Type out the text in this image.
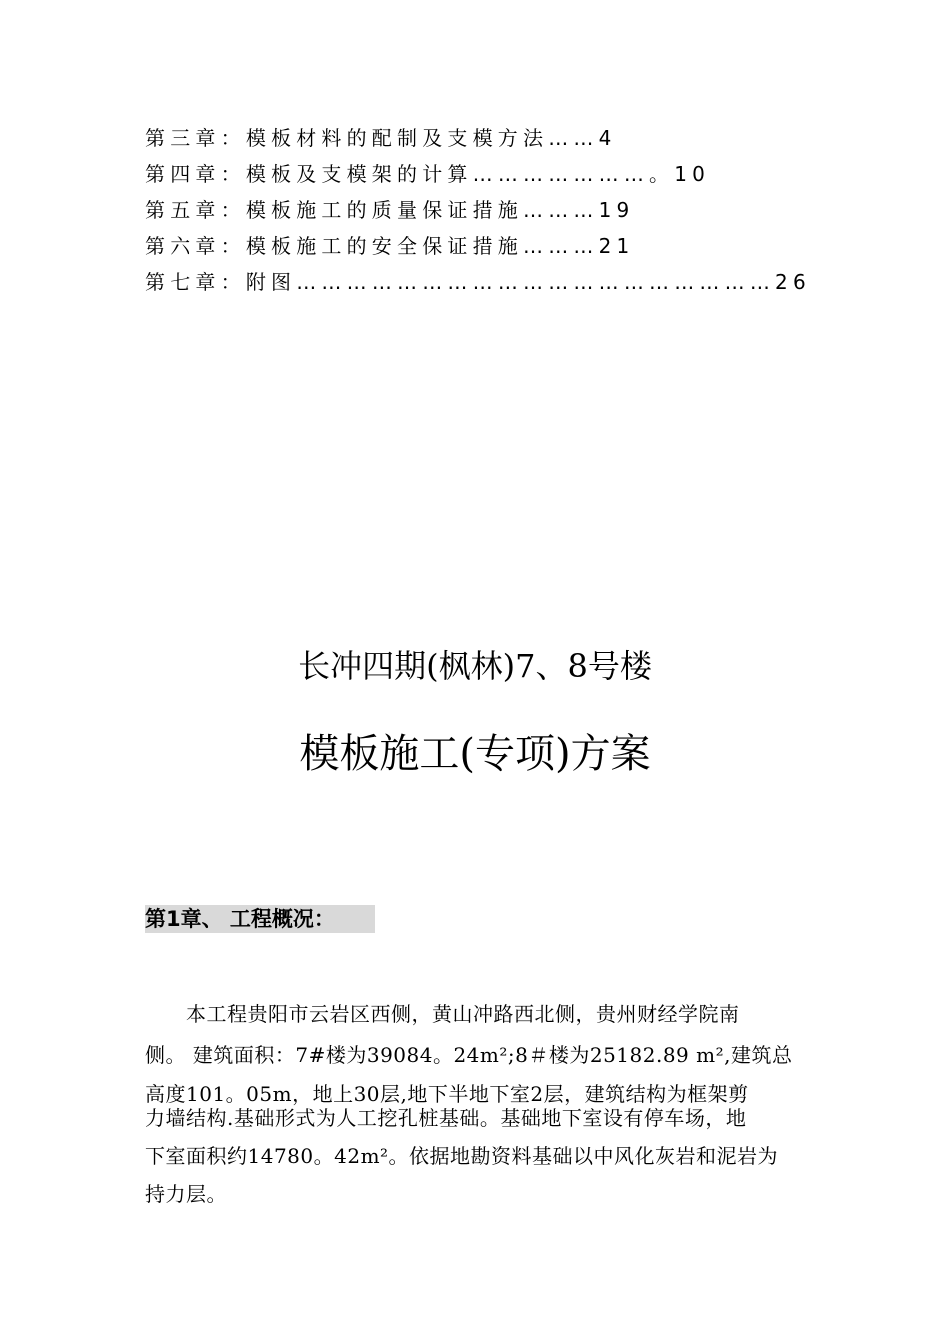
第三章：模板材料的配制及支模方法……4
第四章：模板及支模架的计算…………………。10
第五章：模板施工的质量保证措施………19
第六章：模板施工的安全保证措施………21
第七章：附图…………………………………………………26
长冲四期(枫林)7、8号楼
模板施工(专项)方案
第1章、 工程概况：
　　本工程贵阳市云岩区西侧，黄山冲路西北侧，贵州财经学院南
侧。 建筑面积：7#楼为39084。24m²;8＃楼为25182.89 m²,建筑总
高度101。05m，地上30层,地下半地下室2层，建筑结构为框架剪
力墙结构.基础形式为人工挖孔桩基础。基础地下室设有停车场，地
下室面积约14780。42m²。依据地勘资料基础以中风化灰岩和泥岩为
持力层。
